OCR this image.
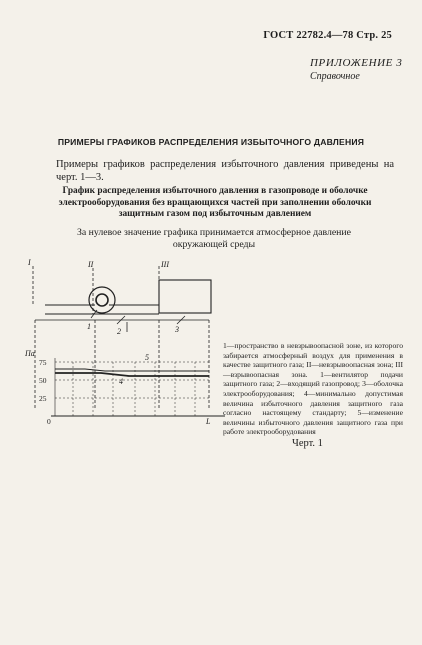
ГОСТ 22782.4—78 Стр. 25
ПРИЛОЖЕНИЕ 3
Справочное
ПРИМЕРЫ ГРАФИКОВ РАСПРЕДЕЛЕНИЯ ИЗБЫТОЧНОГО ДАВЛЕНИЯ
Примеры графиков распределения избыточного давления приведены на черт. 1—3.
График распределения избыточного давления в газопроводе и оболочке электрооборудования без вращающихся частей при заполнении оболочки защитным газом под избыточным давлением
За нулевое значение графика принимается атмосферное давление окружающей среды
I	II	III
1
2	3
4
5
Па
75
50
25
0	L
1—пространство в невзрывоопасной зоне, из которого забирается атмосферный воздух для применения в качестве защитного газа; II—невзрывоопасная зона; III—взрывоопасная зона. 1—вентилятор подачи защитного газа; 2—входящий газопровод; 3—оболочка электрооборудования; 4—минимально допустимая величина избыточного давления защитного газа согласно настоящему стандарту; 5—изменение величины избыточного давления защитного газа при работе электрооборудования
Черт. 1
